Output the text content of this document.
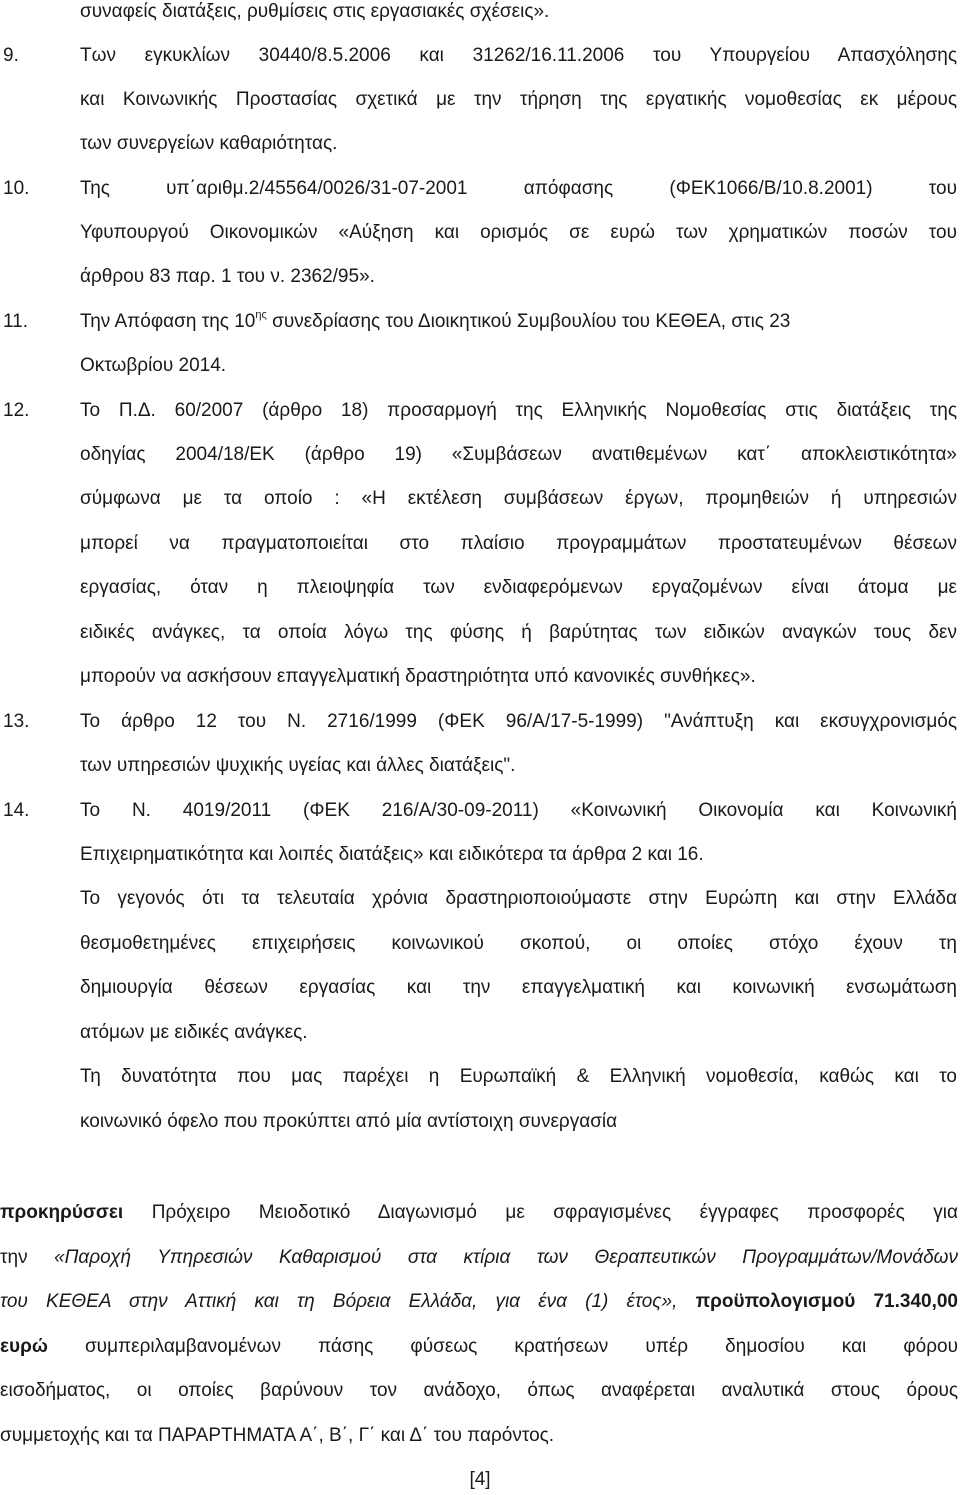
συναφείς διατάξεις, ρυθμίσεις στις εργασιακές σχέσεις».
9.	Των εγκυκλίων 30440/8.5.2006 και 31262/16.11.2006 του Υπουργείου Απασχόλησης
και Κοινωνικής Προστασίας σχετικά με την τήρηση της εργατικής νομοθεσίας εκ μέρους
των συνεργείων καθαριότητας.
10.	Της υπ΄αριθμ.2/45564/0026/31-07-2001 απόφασης (ΦΕΚ1066/Β/10.8.2001) του
Υφυπουργού Οικονομικών «Αύξηση και ορισμός σε ευρώ των χρηματικών ποσών του
άρθρου 83 παρ. 1 του ν. 2362/95».
11.	Την Απόφαση της $10^{\eta\varsigma}$ συνεδρίασης του Διοικητικού Συμβουλίου του ΚΕΘΕΑ, στις 23
Οκτωβρίου 2014.
12.	Το Π.Δ. 60/2007 (άρθρο 18) προσαρμογή της Ελληνικής Νομοθεσίας στις διατάξεις της
οδηγίας 2004/18/ΕΚ (άρθρο 19) «Συμβάσεων ανατιθεμένων κατ΄ αποκλειστικότητα»
σύμφωνα με τα οποίο : «Η εκτέλεση συμβάσεων έργων, προμηθειών ή υπηρεσιών
μπορεί να πραγματοποιείται στο πλαίσιο προγραμμάτων προστατευμένων θέσεων
εργασίας, όταν η πλειοψηφία των ενδιαφερόμενων εργαζομένων είναι άτομα με
ειδικές ανάγκες, τα οποία λόγω της φύσης ή βαρύτητας των ειδικών αναγκών τους δεν
μπορούν να ασκήσουν επαγγελματική δραστηριότητα υπό κανονικές συνθήκες».
13.	Το άρθρο 12 του Ν. 2716/1999 (ΦΕΚ 96/Α/17-5-1999) "Ανάπτυξη και εκσυγχρονισμός
των υπηρεσιών ψυχικής υγείας και άλλες διατάξεις".
14.	Το Ν. 4019/2011 (ΦΕΚ 216/Α/30-09-2011) «Κοινωνική Οικονομία και Κοινωνική
Επιχειρηματικότητα και λοιπές διατάξεις» και ειδικότερα τα άρθρα 2 και 16.
Το γεγονός ότι τα τελευταία χρόνια δραστηριοποιούμαστε στην Ευρώπη και στην Ελλάδα
θεσμοθετημένες επιχειρήσεις κοινωνικού σκοπού, οι οποίες στόχο έχουν τη
δημιουργία θέσεων εργασίας και την επαγγελματική και κοινωνική ενσωμάτωση
ατόμων με ειδικές ανάγκες.
Τη δυνατότητα που μας παρέχει η Ευρωπαϊκή & Ελληνική νομοθεσία, καθώς και το
κοινωνικό όφελο που προκύπτει από μία αντίστοιχη συνεργασία
προκηρύσσει Πρόχειρο Μειοδοτικό Διαγωνισμό με σφραγισμένες έγγραφες προσφορές για
την «Παροχή Υπηρεσιών Καθαρισμού στα κτίρια των Θεραπευτικών Προγραμμάτων/Μονάδων
του ΚΕΘΕΑ στην Αττική και τη Βόρεια Ελλάδα, για ένα (1) έτος», προϋπολογισμού 71.340,00
ευρώ συμπεριλαμβανομένων πάσης φύσεως κρατήσεων υπέρ δημοσίου και φόρου
εισοδήματος, οι οποίες βαρύνουν τον ανάδοχο, όπως αναφέρεται αναλυτικά στους όρους
συμμετοχής και τα ΠΑΡΑΡΤΗΜΑΤΑ Α΄, Β΄, Γ΄ και Δ΄ του παρόντος.
[4]
